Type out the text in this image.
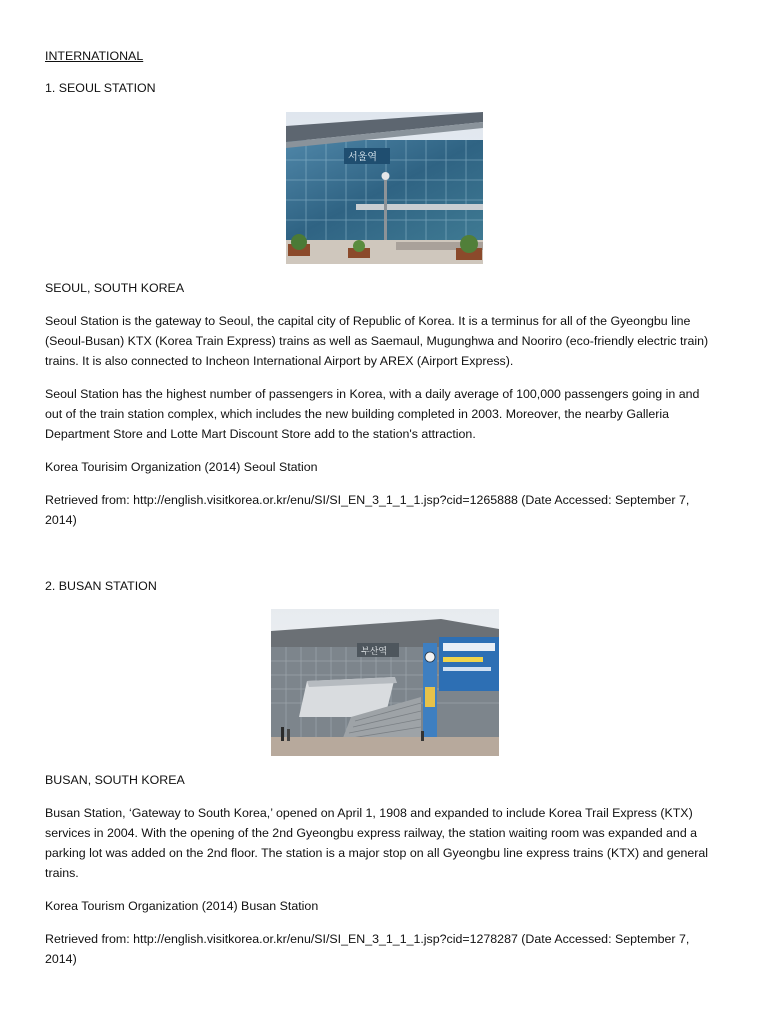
INTERNATIONAL

1. SEOUL STATION

서울역

SEOUL, SOUTH KOREA

Seoul Station is the gateway to Seoul, the capital city of Republic of Korea. It is a terminus for all of the Gyeongbu line
(Seoul-Busan) KTX (Korea Train Express) trains as well as Saemaul, Mugunghwa and Nooriro (eco-friendly electric train)
trains. It is also connected to Incheon International Airport by AREX (Airport Express).
Seoul Station has the highest number of passengers in Korea, with a daily average of 100,000 passengers going in and
out of the train station complex, which includes the new building completed in 2003. Moreover, the nearby Galleria
Department Store and Lotte Mart Discount Store add to the station's attraction.

Korea Tourisim Organization (2014) Seoul Station

Retrieved from: http://english.visitkorea.or.kr/enu/SI/SI_EN_3_1_1_1.jsp?cid=1265888 (Date Accessed: September 7,
2014)

2. BUSAN STATION

부산역

BUSAN, SOUTH KOREA

Busan Station, ‘Gateway to South Korea,’ opened on April 1, 1908 and expanded to include Korea Trail Express (KTX)
services in 2004. With the opening of the 2nd Gyeongbu express railway, the station waiting room was expanded and a
parking lot was added on the 2nd floor. The station is a major stop on all Gyeongbu line express trains (KTX) and general
trains.

Korea Tourism Organization (2014) Busan Station

Retrieved from: http://english.visitkorea.or.kr/enu/SI/SI_EN_3_1_1_1.jsp?cid=1278287 (Date Accessed: September 7,
2014)
